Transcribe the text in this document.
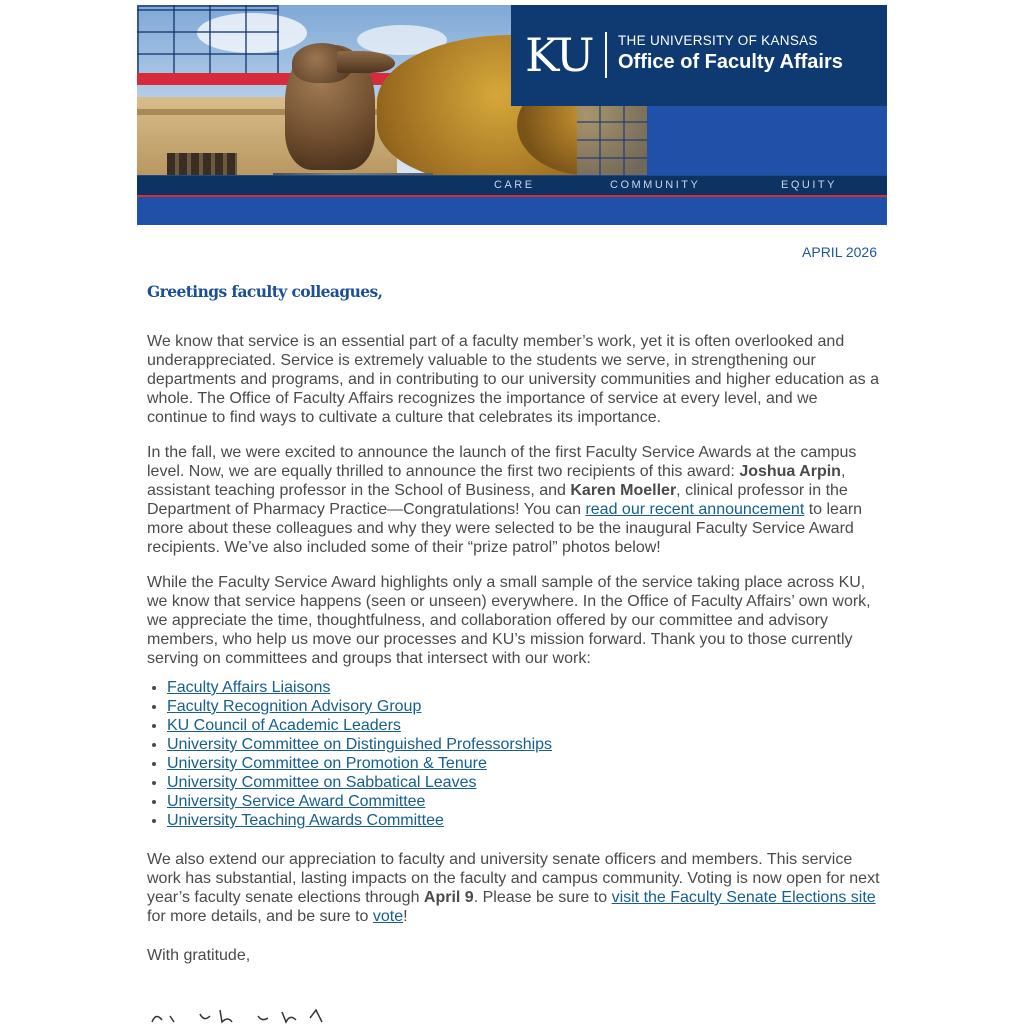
KU THE UNIVERSITY OF KANSAS
Office of Faculty Affairs
CARE	COMMUNITY	EQUITY
APRIL 2026
Greetings faculty colleagues,
We know that service is an essential part of a faculty member’s work, yet it is often overlooked and underappreciated. Service is extremely valuable to the students we serve, in strengthening our departments and programs, and in contributing to our university communities and higher education as a whole. The Office of Faculty Affairs recognizes the importance of service at every level, and we continue to find ways to cultivate a culture that celebrates its importance.
In the fall, we were excited to announce the launch of the first Faculty Service Awards at the campus level. Now, we are equally thrilled to announce the first two recipients of this award: Joshua Arpin, assistant teaching professor in the School of Business, and Karen Moeller, clinical professor in the Department of Pharmacy Practice—Congratulations! You can read our recent announcement to learn more about these colleagues and why they were selected to be the inaugural Faculty Service Award recipients. We’ve also included some of their “prize patrol” photos below!
While the Faculty Service Award highlights only a small sample of the service taking place across KU, we know that service happens (seen or unseen) everywhere. In the Office of Faculty Affairs’ own work, we appreciate the time, thoughtfulness, and collaboration offered by our committee and advisory members, who help us move our processes and KU’s mission forward. Thank you to those currently serving on committees and groups that intersect with our work:
• Faculty Affairs Liaisons
• Faculty Recognition Advisory Group
• KU Council of Academic Leaders
• University Committee on Distinguished Professorships
• University Committee on Promotion & Tenure
• University Committee on Sabbatical Leaves
• University Service Award Committee
• University Teaching Awards Committee
We also extend our appreciation to faculty and university senate officers and members. This service work has substantial, lasting impacts on the faculty and campus community. Voting is now open for next year’s faculty senate elections through April 9. Please be sure to visit the Faculty Senate Elections site for more details, and be sure to vote!
With gratitude,
